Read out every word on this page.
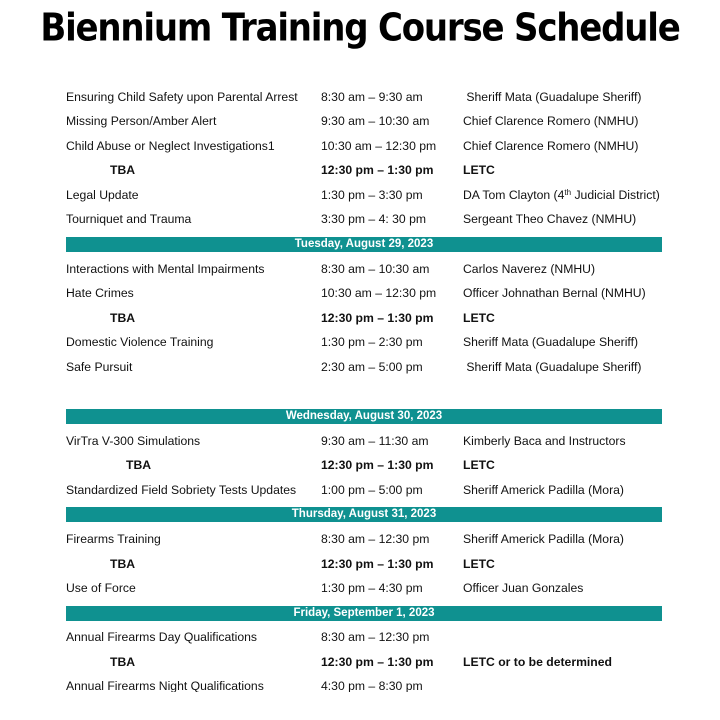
Biennium Training Course Schedule
Ensuring Child Safety upon Parental Arrest 8:30 am – 9:30 am	Sheriff Mata (Guadalupe Sheriff)
Missing Person/Amber Alert	9:30 am – 10:30 am	Chief Clarence Romero (NMHU)
Child Abuse or Neglect Investigations1	10:30 am – 12:30 pm Chief Clarence Romero (NMHU)
TBA	12:30 pm – 1:30 pm LETC
Legal Update	1:30 pm – 3:30 pm	DA Tom Clayton (4th Judicial District)
Tourniquet and Trauma	3:30 pm – 4: 30 pm	Sergeant Theo Chavez (NMHU)
Tuesday, August 29, 2023
Interactions with Mental Impairments	8:30 am – 10:30 am	Carlos Naverez (NMHU)
Hate Crimes	10:30 am – 12:30 pm Officer Johnathan Bernal (NMHU)
TBA	12:30 pm – 1:30 pm LETC
Domestic Violence Training	1:30 pm – 2:30 pm	Sheriff Mata (Guadalupe Sheriff)
Safe Pursuit	2:30 am – 5:00 pm	Sheriff Mata (Guadalupe Sheriff)
Wednesday, August 30, 2023
VirTra V-300 Simulations	9:30 am – 11:30 am	Kimberly Baca and Instructors
TBA	12:30 pm – 1:30 pm LETC
Standardized Field Sobriety Tests Updates 1:00 pm – 5:00 pm	Sheriff Americk Padilla (Mora)
Thursday, August 31, 2023
Firearms Training	8:30 am – 12:30 pm	Sheriff Americk Padilla (Mora)
TBA	12:30 pm – 1:30 pm LETC
Use of Force	1:30 pm – 4:30 pm	Officer Juan Gonzales
Friday, September 1, 2023
Annual Firearms Day Qualifications	8:30 am – 12:30 pm
TBA	12:30 pm – 1:30 pm LETC or to be determined
Annual Firearms Night Qualifications	4:30 pm – 8:30 pm
